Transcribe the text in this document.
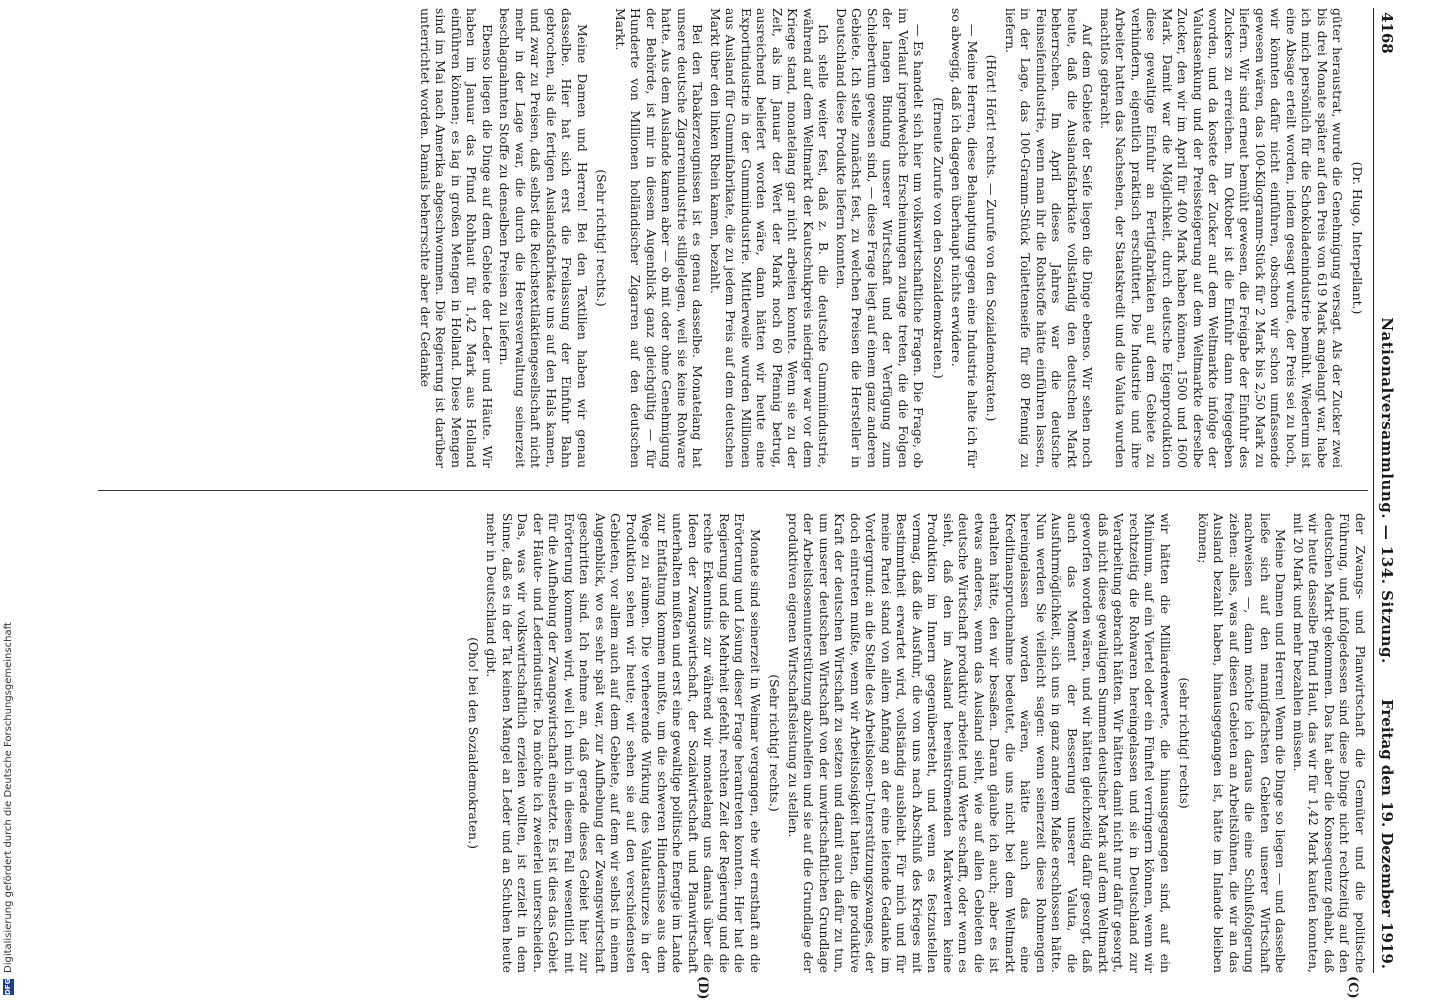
4168
Nationalversammlung. — 134. Sitzung.
Freitag den 19. Dezember 1919.
(C)
(D)

(Dr. Hugo, Interpellant.)

güter heraustrat, wurde die Genehmigung versagt. Als der Zucker zwei bis drei Monate später auf den Preis von 619 Mark angelangt war, habe ich mich persönlich für die Schokoladenindustrie bemüht. Wiederum ist eine Absage erteilt worden, indem gesagt wurde, der Preis sei zu hoch, wir könnten dafür nicht einführen, obschon wir schon umfassende gewesen wären, das 100-Kilogramm-Stück für 2 Mark bis 2,50 Mark zu liefern. Wir sind erneut bemüht gewesen, die Freigabe der Einfuhr des Zuckers zu erreichen. Im Oktober ist die Einfuhr dann freigegeben worden, und da kostete der Zucker auf dem Weltmarkte infolge der Valutasenkung und der Preissteigerung auf dem Weltmarkte derselbe Zucker, den wir im April für 400 Mark haben können, 1500 und 1600 Mark. Damit war die Möglichkeit, durch deutsche Eigenproduktion diese gewaltige Einfuhr an Fertigfabrikaten auf dem Gebiete zu verhindern, eigentlich praktisch erschüttert. Die Industrie und ihre Arbeiter hatten das Nachsehen, der Staatskredit und die Valuta wurden machtlos gebracht.

Auf dem Gebiete der Seife liegen die Dinge ebenso. Wir sehen noch heute, daß die Auslandsfabrikate vollständig den deutschen Markt beherrschen. Im April dieses Jahres war die deutsche Feinseifenindustrie, wenn man ihr die Rohstoffe hätte einführen lassen, in der Lage, das 100-Gramm-Stück Toilettenseife für 80 Pfennig zu liefern.

(Hört! Hört! rechts. — Zurufe von den Sozialdemokraten.)

— Meine Herren, diese Behauptung gegen eine Industrie halte ich für so abwegig, daß ich dagegen überhaupt nichts erwidere.

(Erneute Zurufe von den Sozialdemokraten.)

— Es handelt sich hier um volkswirtschaftliche Fragen. Die Frage, ob im Verlauf irgendwelche Erscheinungen zutage treten, die die Folgen der langen Bindung unserer Wirtschaft und der Verfügung zum Schiebertum gewesen sind, — diese Frage liegt auf einem ganz anderen Gebiete. Ich stelle zunächst fest, zu welchen Preisen die Hersteller in Deutschland diese Produkte liefern konnten.

Ich stelle weiter fest, daß z. B. die deutsche Gummiindustrie, während auf dem Weltmarkt der Kautschukpreis niedriger war vor dem Kriege stand, monatelang gar nicht arbeiten konnte. Wenn sie zu der Zeit, als im Januar der Wert der Mark noch 60 Pfennig betrug, ausreichend beliefert worden wäre, dann hätten wir heute eine Exportindustrie in der Gummiindustrie. Mittlerweile wurden Millionen aus Ausland für Gummifabrikate, die zu jedem Preis auf dem deutschen Markt über den linken Rhein kamen, bezahlt.

Bei den Tabakerzeugnissen ist es genau dasselbe. Monatelang hat unsere deutsche Zigarrenindustrie stillgelegen, weil sie keine Rohware hatte. Aus dem Auslande kamen aber — ob mit oder ohne Genehmigung der Behörde, ist mir in diesem Augenblick ganz gleichgültig — für Hunderte von Millionen holländischer Zigarren auf den deutschen Markt.

(Sehr richtig! rechts.)

Meine Damen und Herren! Bei den Textilien haben wir genau dasselbe. Hier hat sich erst die Freilassung der Einfuhr Bahn gebrochen, als die fertigen Auslandsfabrikate uns auf den Hals kamen, und zwar zu Preisen, daß selbst die Reichstextilaktiengesellschaft nicht mehr in der Lage war, die durch die Heeresverwaltung seinerzeit beschlagnahmten Stoffe zu denselben Preisen zu liefern.

Ebenso liegen die Dinge auf dem Gebiete der Leder und Häute. Wir haben im Januar das Pfund Rohhaut für 1,42 Mark aus Holland einführen können; es lag in großen Mengen in Holland. Diese Mengen sind im Mai nach Amerika abgeschwommen. Die Regierung ist darüber unterrichtet worden. Damals beherrschte aber der Gedanke

der Zwangs- und Planwirtschaft die Gemüter und die politische Führung, und infolgedessen sind diese Dinge nicht rechtzeitig auf den deutschen Markt gekommen. Das hat aber die Konsequenz gehabt, daß wir heute dasselbe Pfund Haut, das wir für 1,42 Mark kaufen konnten, mit 20 Mark und mehr bezahlen müssen.

Meine Damen und Herren! Wenn die Dinge so liegen — und dasselbe ließe sich auf den mannigfachsten Gebieten unserer Wirtschaft nachweisen —, dann möchte ich daraus die eine Schlußfolgerung ziehen: alles, was auf diesen Gebieten an Arbeitslöhnen, die wir an das Ausland bezahlt haben, hinausgegangen ist, hätte im Inlande bleiben können;

(sehr richtig! rechts)

wir hätten die Milliardenwerte, die hinausgegangen sind, auf ein Minimum, auf ein Viertel oder ein Fünftel verringern können, wenn wir rechtzeitig die Rohwaren hereingelassen und sie in Deutschland zur Verarbeitung gebracht hätten. Wir hätten damit nicht nur dafür gesorgt, daß nicht diese gewaltigen Summen deutscher Mark auf dem Weltmarkt geworfen worden wären, und wir hätten gleichzeitig dafür gesorgt, daß auch das Moment der Besserung unserer Valuta, die Ausfuhrmöglichkeit, sich uns in ganz anderem Maße erschlossen hätte. Nun werden Sie vielleicht sagen: wenn seinerzeit diese Rohmengen hereingelassen worden wären, hätte auch das eine Kreditinanspruchnahme bedeutet, die uns nicht bei dem Weltmarkt erhalten hätte, den wir besaßen. Daran glaube ich auch; aber es ist etwas anderes, wenn das Ausland sieht, wie auf allen Gebieten die deutsche Wirtschaft produktiv arbeitet und Werte schafft, oder wenn es sieht, daß den im Ausland hereinströmenden Markwerten keine Produktion im Innern gegenübersteht, und wenn es festzustellen vermag, daß die Ausfuhr, die von uns nach Abschluß des Krieges mit Bestimmtheit erwartet wird, vollständig ausbleibt. Für mich und für meine Partei stand von allem Anfang an der eine leitende Gedanke im Vordergrund: an die Stelle des Arbeitslosen-Unterstützungszwanges, der doch eintreten mußte, wenn wir Arbeitslosigkeit hatten, die produktive Kraft der deutschen Wirtschaft zu setzen und damit auch dafür zu tun, um unserer deutschen Wirtschaft von der unwirtschaftlichen Grundlage der Arbeitslosenunterstützung abzuhelfen und sie auf die Grundlage der produktiven eigenen Wirtschaftsleistung zu stellen.

(Sehr richtig! rechts.)

Monate sind seinerzeit in Weimar vergangen, ehe wir ernsthaft an die Erörterung und Lösung dieser Frage herantreten konnten. Hier hat die Regierung und die Mehrheit gefehlt, rechten Zeit der Regierung und die rechte Erkenntnis zur während wir monatelang uns damals über die Ideen der Zwangswirtschaft, der Sozialwirtschaft und Planwirtschaft unterhalten mußten und erst eine gewaltige politische Energie im Lande zur Entfaltung kommen mußte, um die schweren Hindernisse aus dem Wege zu räumen. Die verheerende Wirkung des Valutasturzes in der Produktion sehen wir heute; wir sehen sie auf den verschiedensten Gebieten, vor allem auch auf dem Gebiete, auf dem wir selbst in einem Augenblick, wo es sehr spät war, zur Aufhebung der Zwangswirtschaft geschritten sind. Ich nehme an, daß gerade dieses Gebiet hier zur Erörterung kommen wird, weil ich mich in diesem Fall wesentlich mit für die Aufhebung der Zwangswirtschaft einsetzte. Es ist dies das Gebiet der Häute- und Lederindustrie. Da möchte ich zweierlei unterscheiden. Das, was wir volkswirtschaftlich erzielen wollten, ist erzielt in dem Sinne, daß es in der Tat keinen Mangel an Leder und an Schuhen heute mehr in Deutschland gibt.

(Oho! bei den Sozialdemokraten.)

DFG
Digitalisierung gefördert durch die Deutsche Forschungsgemeinschaft
